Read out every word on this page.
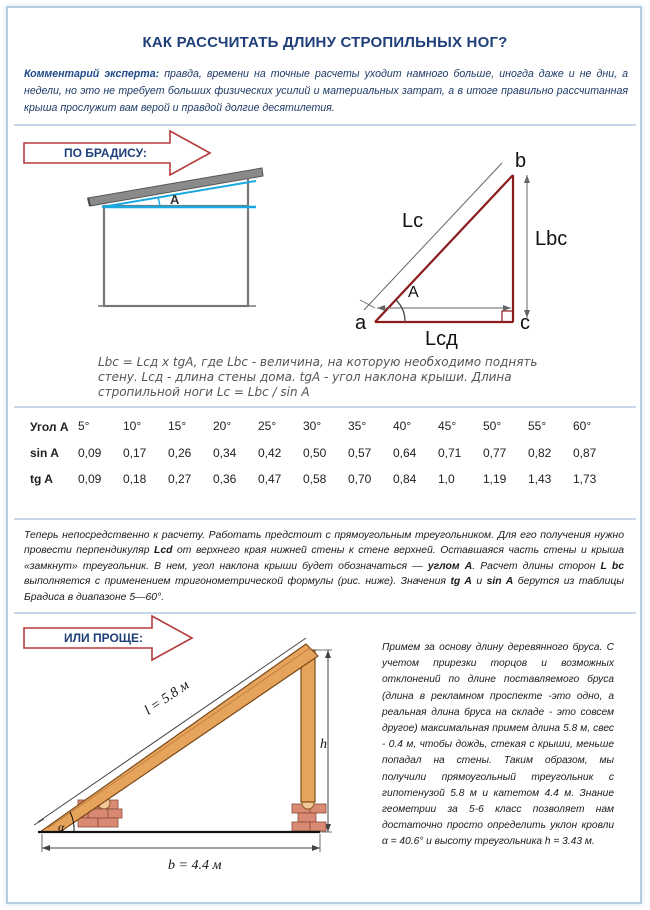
КАК РАССЧИТАТЬ ДЛИНУ СТРОПИЛЬНЫХ НОГ?
Комментарий эксперта: правда, времени на точные расчеты уходит намного больше, иногда даже и не дни, а недели, но это не требует больших физических усилий и материальных затрат, а в итоге правильно рассчитанная крыша прослужит вам верой и правдой долгие десятилетия.
ПО БРАДИСУ:
ИЛИ ПРОЩЕ:
А
b
a	c
Lc
Lbc
Lcд
A
Lbc = Lcд x tgA, где Lbc - величина, на которую необходимо поднять стену. Lcд - длина стены дома. tgA - угол наклона крыши. Длина стропильной ноги Lc = Lbc / sin A
Угол А	5°	10°	15°	20°	25°	30°	35°	40°	45°	50°	55°	60°
sin A	0,09	0,17	0,26	0,34	0,42	0,50	0,57	0,64	0,71	0,77	0,82	0,87
tg A	0,09	0,18	0,27	0,36	0,47	0,58	0,70	0,84	1,0	1,19	1,43	1,73
Теперь непосредственно к расчету. Работать предстоит с прямоугольным треугольником. Для его получения нужно провести перпендикуляр Lcd от верхнего края нижней стены к стене верхней. Оставшаяся часть стены и крыша «замкнут» треугольник. В нем, угол наклона крыши будет обозначаться — углом А. Расчет длины сторон L bc выполняется с применением тригонометрической формулы (рис. ниже). Значения tg A и sin A берутся из таблицы Брадиса в диапазоне 5—60°.
l = 5.8 м
h
b = 4.4 м
α
Примем за основу длину деревянного бруса. С учетом прирезки торцов и возможных отклонений по длине поставляемого бруса (длина в рекламном проспекте -это одно, а реальная длина бруса на складе - это совсем другое) максимальная примем длина 5.8 м, свес - 0.4 м, чтобы дождь, стекая с крыши, меньше попадал на стены. Таким образом, мы получили прямоугольный треугольник с гипотенузой 5.8 м и катетом 4.4 м. Знание геометрии за 5-6 класс позволяет нам достаточно просто определить уклон кровли α = 40.6° и высоту треугольника h = 3.43 м.
